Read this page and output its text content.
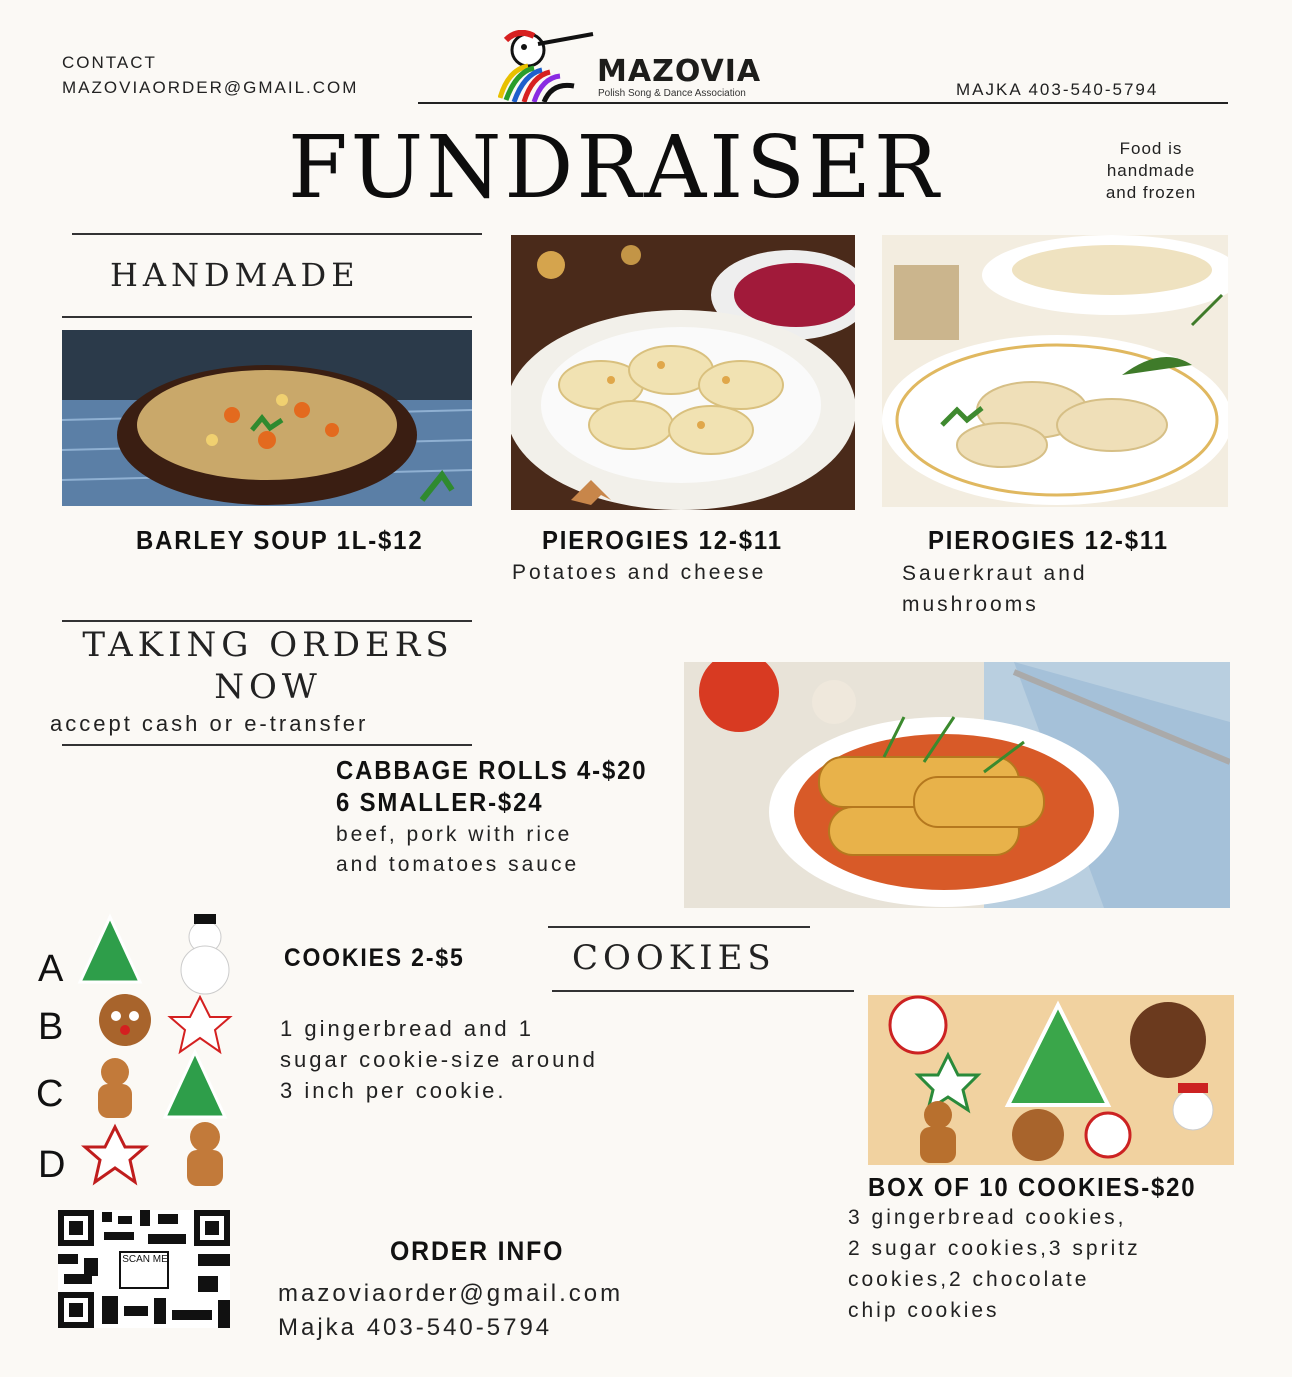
CONTACT
MAZOVIAORDER@GMAIL.COM	MAZOVIA
Polish Song & Dance Association	MAJKA 403-540-5794
FUNDRAISER	Food is
handmade
and frozen
HANDMADE
BARLEY SOUP 1L-$12	PIEROGIES 12-$11
Potatoes and cheese
PIEROGIES 12-$11
Sauerkraut and
mushrooms
TAKING ORDERS
NOW
accept cash or e-transfer
CABBAGE ROLLS 4-$20
6 SMALLER-$24
beef, pork with rice
and tomatoes sauce
A
B
C
D
COOKIES 2-$5	COOKIES
1 gingerbread and 1
sugar cookie-size around
3 inch per cookie.
BOX OF 10 COOKIES-$20
3 gingerbread cookies,
2 sugar cookies,3 spritz
cookies,2 chocolate
chip cookies
SCAN ME	ORDER INFO
mazoviaorder@gmail.com
Majka 403-540-5794
